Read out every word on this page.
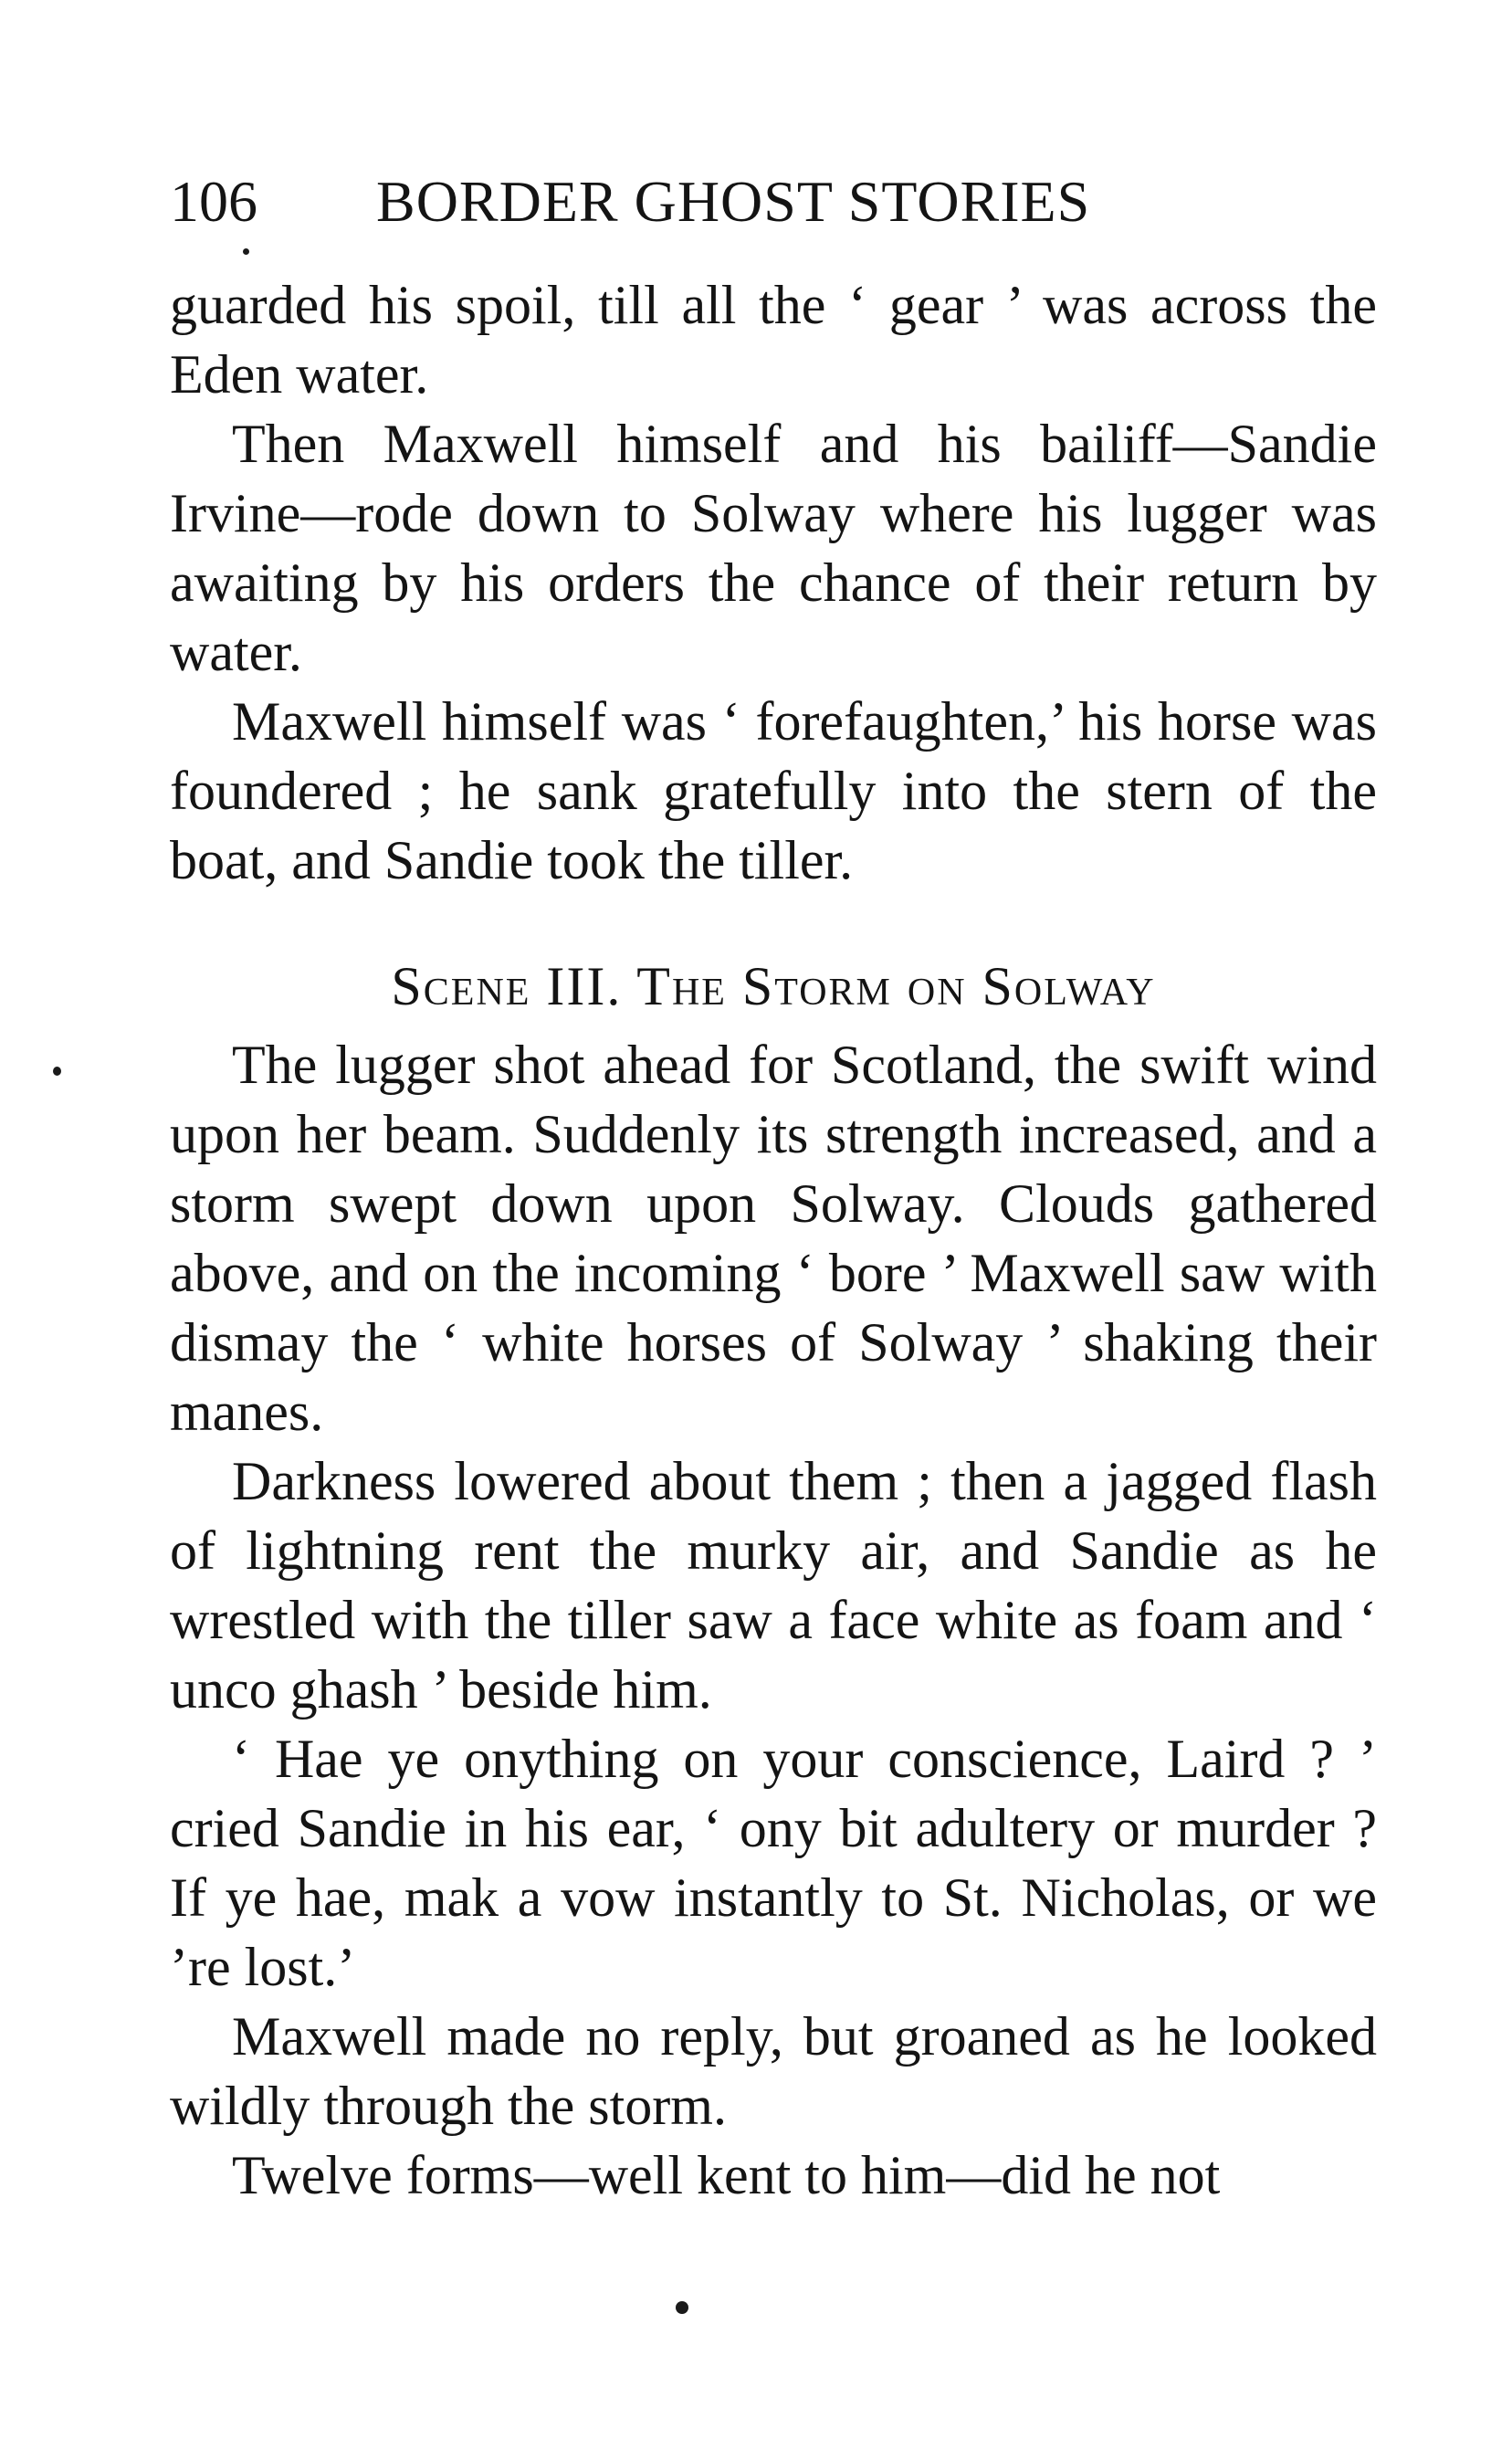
106 BORDER GHOST STORIES

guarded his spoil, till all the ‘ gear ’ was across the Eden water.

Then Maxwell himself and his bailiff—Sandie Irvine—rode down to Solway where his lugger was awaiting by his orders the chance of their return by water.

Maxwell himself was ‘ forefaughten,’ his horse was foundered ; he sank gratefully into the stern of the boat, and Sandie took the tiller.

Scene III. The Storm on Solway

The lugger shot ahead for Scotland, the swift wind upon her beam. Suddenly its strength increased, and a storm swept down upon Solway. Clouds gathered above, and on the incoming ‘ bore ’ Maxwell saw with dismay the ‘ white horses of Solway ’ shaking their manes.

Darkness lowered about them ; then a jagged flash of lightning rent the murky air, and Sandie as he wrestled with the tiller saw a face white as foam and ‘ unco ghash ’ beside him.

‘ Hae ye onything on your conscience, Laird ? ’ cried Sandie in his ear, ‘ ony bit adultery or murder ? If ye hae, mak a vow instantly to St. Nicholas, or we ’re lost.’

Maxwell made no reply, but groaned as he looked wildly through the storm.

Twelve forms—well kent to him—did he not
